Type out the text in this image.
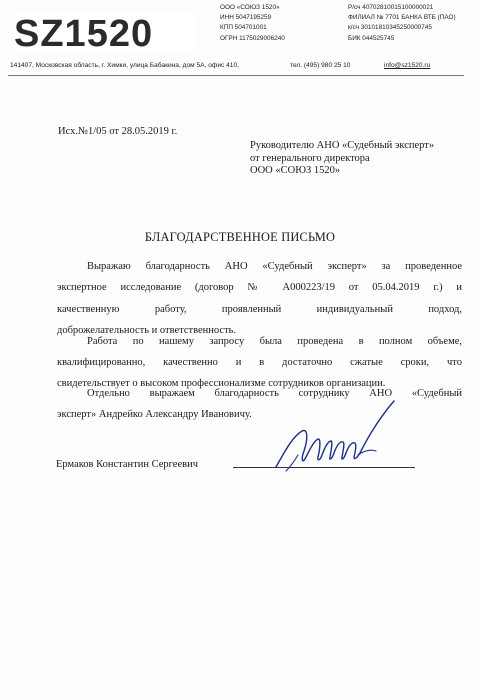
SZ1520
ООО «СОЮЗ 1520»
ИНН 5047195259
КПП 504701001
ОГРН 1175029006240
Р/сч 40702810015100000021
ФИЛИАЛ № 7701 БАНКА ВТБ (ПАО)
к/сч 30101810345250000745
БИК 044525745
141407, Московская область, г. Химки, улица Бабакина, дом 5А, офис 410,	тел. (495) 980 25 10	info@sz1520.ru
Исх.№1/05 от 28.05.2019 г.
Руководителю АНО «Судебный эксперт»
от генерального директора
ООО «СОЮЗ 1520»
БЛАГОДАРСТВЕННОЕ ПИСЬМО
Выражаю благодарность АНО «Судебный эксперт» за проведенное
экспертное исследование (договор № А000223/19 от 05.04.2019 г.) и
качественную работу, проявленный индивидуальный подход,
доброжелательность и ответственность.
Работа по нашему запросу была проведена в полном объеме,
квалифицированно, качественно и в достаточно сжатые сроки, что
свидетельствует о высоком профессионализме сотрудников организации.
Отдельно выражаем благодарность сотруднику АНО «Судебный
эксперт» Андрейко Александру Ивановичу.
Ермаков Константин Сергеевич
